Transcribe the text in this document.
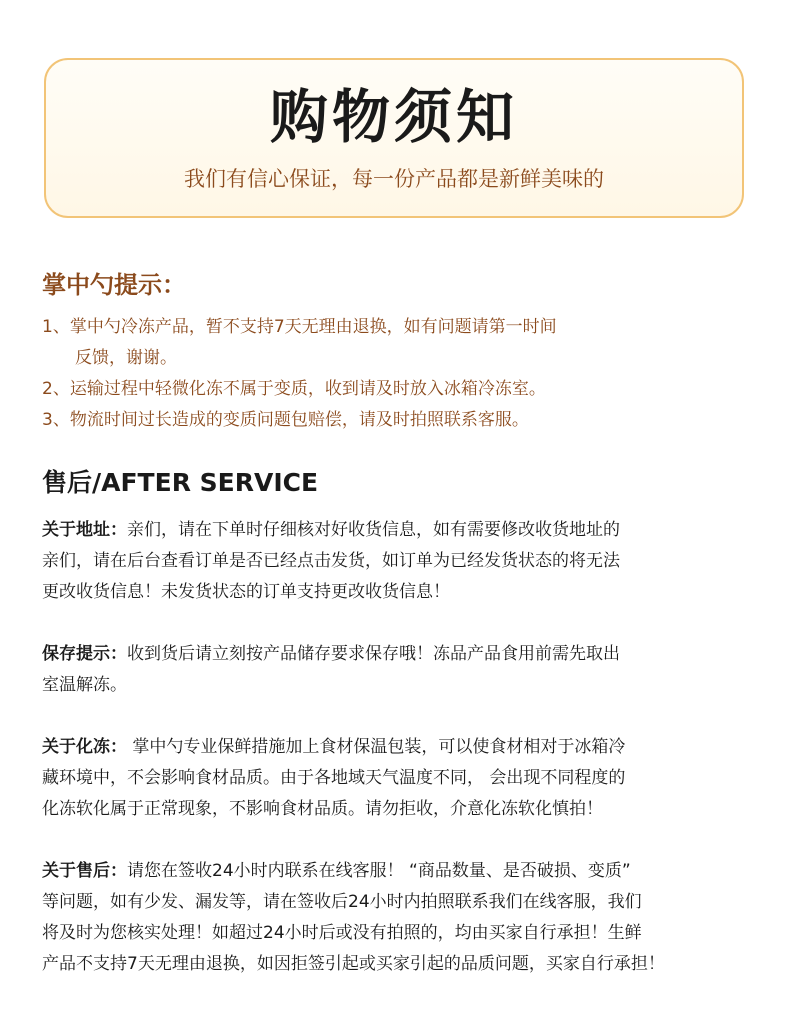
购物须知
我们有信心保证，每一份产品都是新鲜美味的
掌中勺提示：
1、掌中勺冷冻产品，暂不支持7天无理由退换，如有问题请第一时间
反馈，谢谢。
2、运输过程中轻微化冻不属于变质，收到请及时放入冰箱冷冻室。
3、物流时间过长造成的变质问题包赔偿，请及时拍照联系客服。
售后/AFTER SERVICE
关于地址：亲们，请在下单时仔细核对好收货信息，如有需要修改收货地址的
亲们，请在后台查看订单是否已经点击发货，如订单为已经发货状态的将无法
更改收货信息！未发货状态的订单支持更改收货信息！
保存提示：收到货后请立刻按产品储存要求保存哦！冻品产品食用前需先取出
室温解冻。
关于化冻： 掌中勺专业保鲜措施加上食材保温包装，可以使食材相对于冰箱冷
藏环境中，不会影响食材品质。由于各地域天气温度不同， 会出现不同程度的
化冻软化属于正常现象，不影响食材品质。请勿拒收，介意化冻软化慎拍！
关于售后：请您在签收24小时内联系在线客服！ “商品数量、是否破损、变质”
等问题，如有少发、漏发等，请在签收后24小时内拍照联系我们在线客服，我们
将及时为您核实处理！如超过24小时后或没有拍照的，均由买家自行承担！生鲜
产品不支持7天无理由退换，如因拒签引起或买家引起的品质问题，买家自行承担！
